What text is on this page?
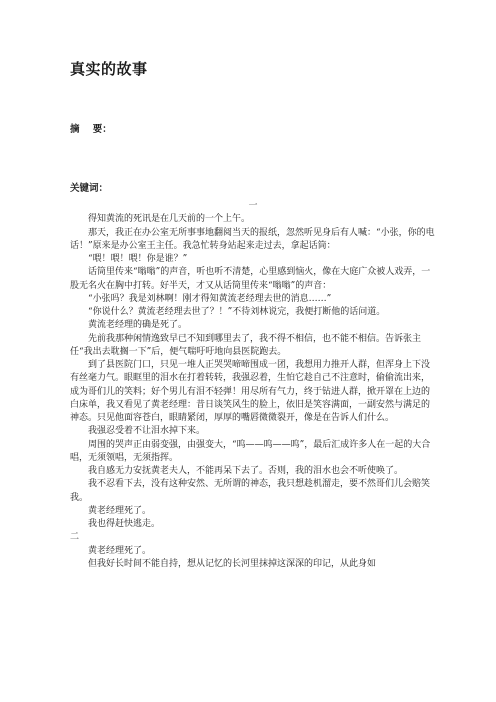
真实的故事
摘    要：
关键词：

一

得知黄流的死讯是在几天前的一个上午。

那天，我正在办公室无所事事地翻阅当天的报纸，忽然听见身后有人喊：“小张，你的电话！”原来是办公室王主任。我急忙转身站起来走过去，拿起话筒：

“喂！喂！喂！你是谁？”

话筒里传来“嗡嗡”的声音，听也听不清楚，心里感到恼火，像在大庭广众被人戏弄，一股无名火在胸中打转。好半天，才又从话筒里传来“嗡嗡”的声音：

“小张吗？我是刘林啊！刚才得知黄流老经理去世的消息……”

“你说什么？黄流老经理去世了？！”不待刘林说完，我便打断他的话问道。

黄流老经理的确是死了。

先前我那种闲情逸致早已不知到哪里去了，我不得不相信，也不能不相信。告诉张主任“我出去耽搁一下”后，便气喘吁吁地向县医院跑去。

到了县医院门口，只见一堆人正哭哭啼啼围成一团，我想用力推开人群，但浑身上下没有丝毫力气。眼眶里的泪水在打着转转，我强忍着，生怕它趁自己不注意时，偷偷流出来，成为哥们儿的笑料；好个男儿有泪不轻弹！用尽所有气力，终于钻进人群，掀开罩在上边的白床单，我又看见了黄老经理：昔日谈笑风生的脸上，依旧是笑容满面，一副安然与满足的神态。只见他面容苍白，眼睛紧闭，厚厚的嘴唇微微裂开，像是在告诉人们什么。

我强忍受着不让泪水掉下来。

周围的哭声正由弱变强，由强变大，“呜——呜——呜”，最后汇成许多人在一起的大合唱，无须领唱，无须指挥。

我自感无力安抚黄老夫人，不能再呆下去了。否则，我的泪水也会不听使唤了。

我不忍看下去，没有这种安然、无所谓的神态，我只想趁机溜走，要不然哥们儿会赔笑我。

黄老经理死了。

我也得赶快逃走。

二

黄老经理死了。

但我好长时间不能自持，想从记忆的长河里抹掉这深深的印记，从此身如
